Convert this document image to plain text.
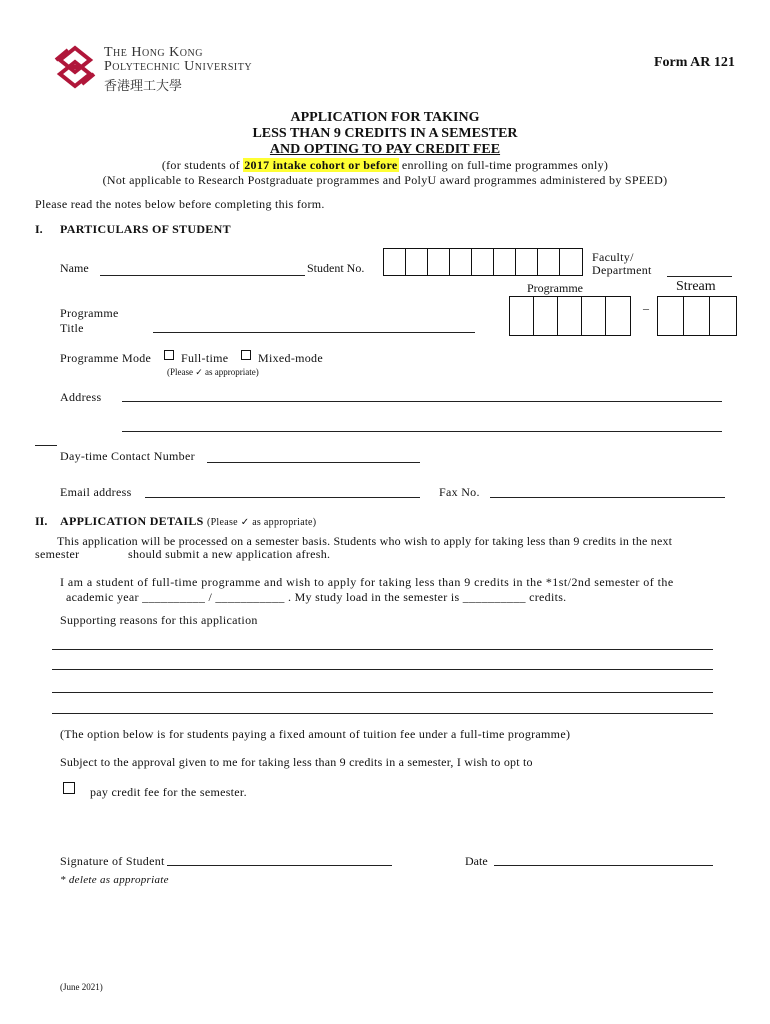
The Hong Kong
Polytechnic University
香港理工大學
Form AR 121
APPLICATION FOR TAKING
LESS THAN 9 CREDITS IN A SEMESTER
AND OPTING TO PAY CREDIT FEE
(for students of 2017 intake cohort or before enrolling on full-time programmes only)
(Not applicable to Research Postgraduate programmes and PolyU award programmes administered by SPEED)
Please read the notes below before completing this form.
I. PARTICULARS OF STUDENT
Name	Student No.
Faculty/
Department
Programme	Stream
–
Programme
Title
Programme Mode Full-time Mixed-mode
(Please ✓ as appropriate)
Address
Day-time Contact Number
Email address	Fax No.
II. APPLICATION DETAILS (Please ✓ as appropriate)
This application will be processed on a semester basis. Students who wish to apply for taking less than 9 credits in the next
semester	should submit a new application afresh.
I am a student of full-time programme and wish to apply for taking less than 9 credits in the *1st/2nd semester of the
academic year __________ / ___________ . My study load in the semester is __________ credits.
Supporting reasons for this application
(The option below is for students paying a fixed amount of tuition fee under a full-time programme)
Subject to the approval given to me for taking less than 9 credits in a semester, I wish to opt to
pay credit fee for the semester.
Signature of Student	Date
* delete as appropriate
(June 2021)
